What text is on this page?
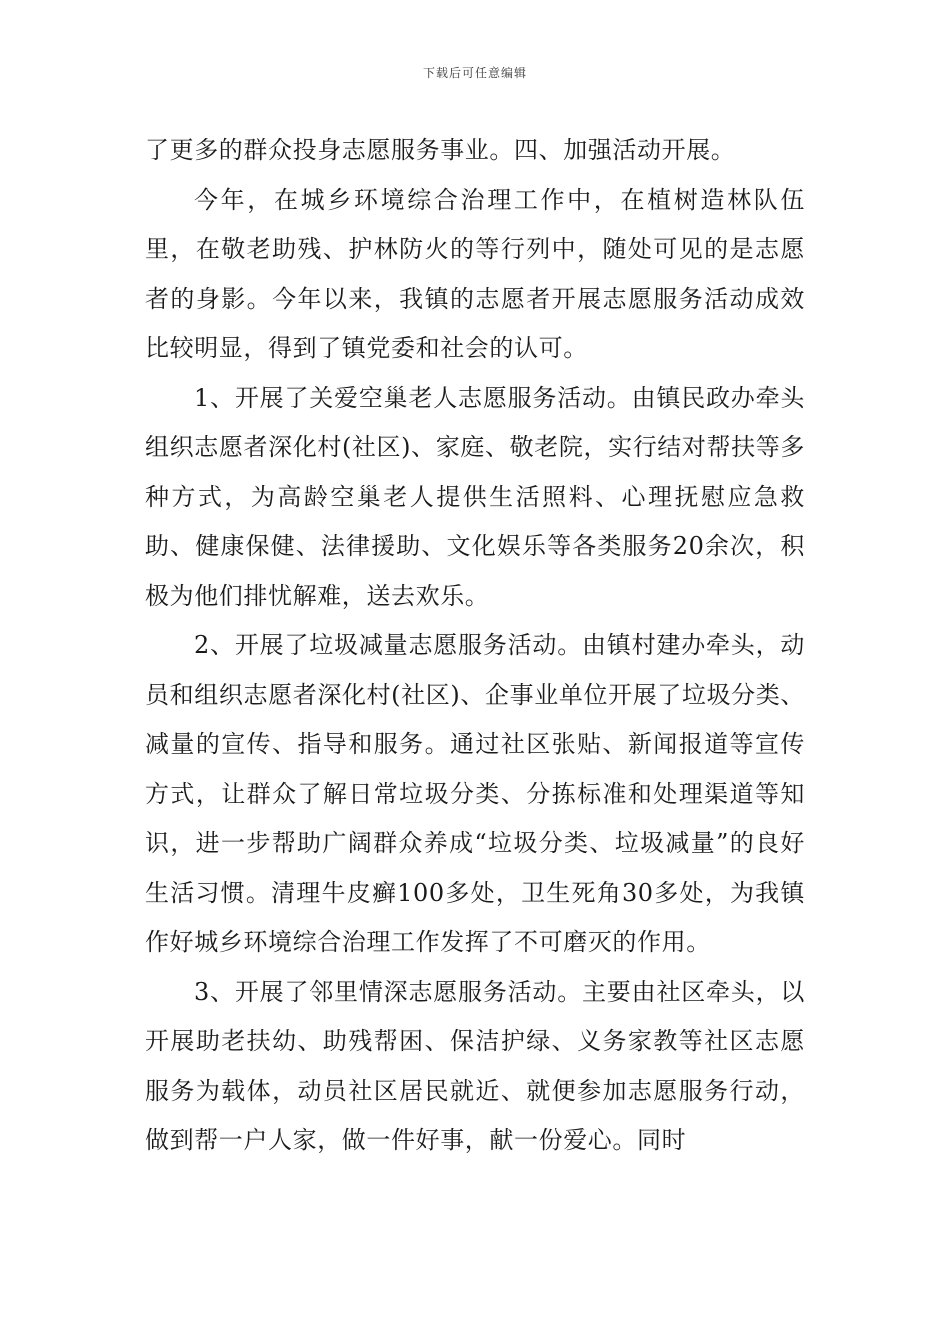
下载后可任意编辑

了更多的群众投身志愿服务事业。四、加强活动开展。

今年，在城乡环境综合治理工作中，在植树造林队伍里，在敬老助残、护林防火的等行列中，随处可见的是志愿者的身影。今年以来，我镇的志愿者开展志愿服务活动成效比较明显，得到了镇党委和社会的认可。

1、开展了关爱空巢老人志愿服务活动。由镇民政办牵头组织志愿者深化村(社区)、家庭、敬老院，实行结对帮扶等多种方式，为高龄空巢老人提供生活照料、心理抚慰应急救助、健康保健、法律援助、文化娱乐等各类服务20余次，积极为他们排忧解难，送去欢乐。

2、开展了垃圾减量志愿服务活动。由镇村建办牵头，动员和组织志愿者深化村(社区)、企事业单位开展了垃圾分类、减量的宣传、指导和服务。通过社区张贴、新闻报道等宣传方式，让群众了解日常垃圾分类、分拣标准和处理渠道等知识，进一步帮助广阔群众养成“垃圾分类、垃圾减量”的良好生活习惯。清理牛皮癣100多处，卫生死角30多处，为我镇作好城乡环境综合治理工作发挥了不可磨灭的作用。

3、开展了邻里情深志愿服务活动。主要由社区牵头，以开展助老扶幼、助残帮困、保洁护绿、义务家教等社区志愿服务为载体，动员社区居民就近、就便参加志愿服务行动，做到帮一户人家，做一件好事，献一份爱心。同时
